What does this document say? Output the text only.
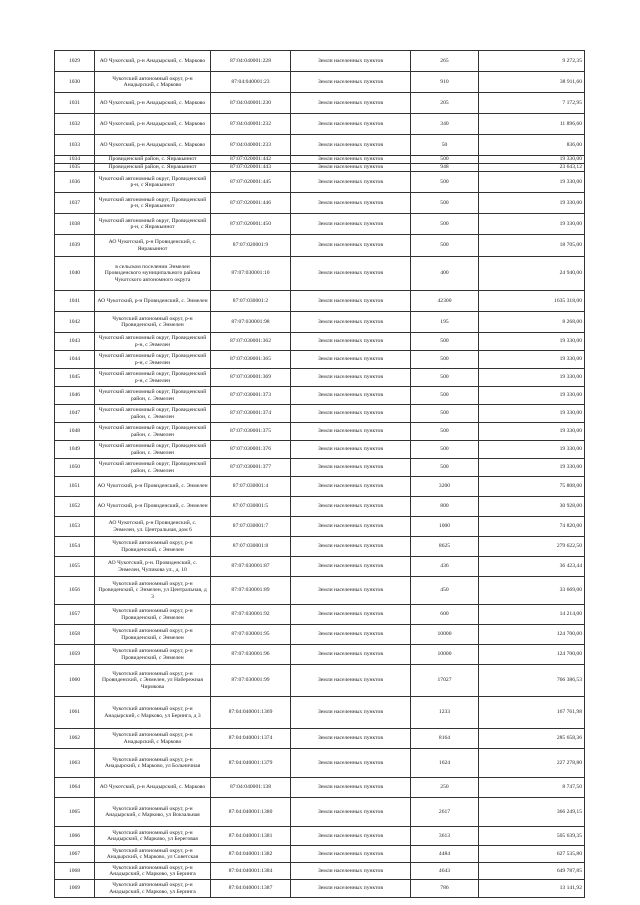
1029	АО Чукотский, р-н Анадырский, с. Марково	87:04:040001:228	Земли населенных пунктов	265	9 272,35
1030	Чукотский автономный округ, р-н Анадырский, с Марково	87:04:040001:23	Земли населенных пунктов	910	38 911,60
1031	АО Чукотский, р-н Анадырский, с. Марково	87:04:040001:230	Земли населенных пунктов	205	7 172,95
1032	АО Чукотский, р-н Анадырский, с. Марково	87:04:040001:232	Земли населенных пунктов	340	11 896,60
1033	АО Чукотский, р-н Анадырский, с. Марково	87:04:040001:233	Земли населенных пунктов	50	836,00
1034	Провиденский район, с. Янракыннот	87:07:020001:442	Земли населенных пунктов	500	19 330,00
1035	Провиденский район, с. Янракыннот	87:07:020001:443	Земли населенных пунктов	948	23 643,12
1036	Чукотский автономный округ, Провиденский р-н, с Янракыннот	87:07:020001:445	Земли населенных пунктов	500	19 330,00
1037	Чукотский автономный округ, Провиденский р-н, с Янракыннот	87:07:020001:446	Земли населенных пунктов	500	19 330,00
1038	Чукотский автономный округ, Провиденский р-н, с Янракыннот	87:07:020001:450	Земли населенных пунктов	500	19 330,00
1039	АО Чукотский, р-н Провиденский, с. Янракыннот	87:07:020001:9	Земли населенных пунктов	500	18 705,00
1040	в сельском поселении Энмелен Провиденского муниципального района Чукотского автономного округа	87:07:030001:10	Земли населенных пунктов	400	24 940,00
1041	АО Чукотский, р-н Провиденский, с. Энмелен	87:07:030001:2	Земли населенных пунктов	42300	1635 318,00
1042	Чукотский автономный округ, р-н Провиденский, с Энмелен	87:07:030001:98	Земли населенных пунктов	195	8 268,00
1043	Чукотский автономный округ, Провиденский р-н, с Энмелен	87:07:030001:362	Земли населенных пунктов	500	19 330,00
1044	Чукотский автономный округ, Провиденский р-н, с Энмелен	87:07:030001:365	Земли населенных пунктов	500	19 330,00
1045	Чукотский автономный округ, Провиденский р-н, с Энмелен	87:07:030001:369	Земли населенных пунктов	500	19 330,00
1046	Чукотский автономный округ, Провиденский район, с. Энмелен	87:07:030001:373	Земли населенных пунктов	500	19 330,00
1047	Чукотский автономный округ, Провиденский район, с. Энмелен	87:07:030001:374	Земли населенных пунктов	500	19 330,00
1048	Чукотский автономный округ, Провиденский район, с. Энмелен	87:07:030001:375	Земли населенных пунктов	500	19 330,00
1049	Чукотский автономный округ, Провиденский район, с. Энмелен	87:07:030001:376	Земли населенных пунктов	500	19 330,00
1050	Чукотский автономный округ, Провиденский район, с. Энмелен	87:07:030001:377	Земли населенных пунктов	500	19 330,00
1051	АО Чукотский, р-н Провиденский, с. Энмелен	87:07:030001:4	Земли населенных пунктов	3200	75 808,00
1052	АО Чукотский, р-н Провиденский, с. Энмелен	87:07:030001:5	Земли населенных пунктов	800	30 928,00
1053	АО Чукотский, р-н Провиденский, с. Энмелен, ул. Центральная, дом 6	87:07:030001:7	Земли населенных пунктов	1000	74 820,00
1054	Чукотский автономный округ, р-н Провиденский, с Энмелен	87:07:030001:8	Земли населенных пунктов	8625	279 622,50
1055	АО Чукотский, р-н. Провиденский, с. Энмелен, Чупикова ул., д. 10	87:07:030001:87	Земли населенных пунктов	436	36 423,44
1056	Чукотский автономный округ, р-н Провиденский, с Энмелен, ул Центральная, д 3	87:07:030001:89	Земли населенных пунктов	450	33 669,00
1057	Чукотский автономный округ, р-н Провиденский, с Энмелен	87:07:030001:92	Земли населенных пунктов	600	14 214,00
1058	Чукотский автономный округ, р-н Провиденский, с Энмелен	87:07:030001:95	Земли населенных пунктов	10000	124 700,00
1059	Чукотский автономный округ, р-н Провиденский, с Энмелен	87:07:030001:96	Земли населенных пунктов	10000	124 700,00
1060	Чукотский автономный округ, р-н Провиденский, с Энмелен, ул Набережная Чирмкова	87:07:030001:99	Земли населенных пунктов	17027	766 386,53
1061	Чукотский автономный округ, р-н Анадырский, с Марково, ул Беринга, д 3	87:04:040001:1369	Земли населенных пунктов	1233	167 761,98
1062	Чукотский автономный округ, р-н Анадырский, с Марково	87:04:040001:1374	Земли населенных пунктов	8164	285 658,36
1063	Чукотский автономный округ, р-н Анадырский, с Марково, ул Больничная	87:04:040001:1379	Земли населенных пунктов	1624	227 278,80
1064	АО Чукотский, р-н Анадырский, с. Марково	87:04:040001:138	Земли населенных пунктов	250	8 747,50
1065	Чукотский автономный округ, р-н Анадырский, с Марково, ул Вокзальная	87:04:040001:1380	Земли населенных пунктов	2617	366 249,15
1066	Чукотский автономный округ, р-н Анадырский, с Марково, ул Береговая	87:04:040001:1381	Земли населенных пунктов	3613	505 639,35
1067	Чукотский автономный округ, р-н Анадырский, с Марково, ул Советская	87:04:040001:1382	Земли населенных пунктов	4484	627 535,80
1068	Чукотский автономный округ, р-н Анадырский, с Марково, ул Беринга	87:04:040001:1384	Земли населенных пунктов	4643	649 787,85
1069	Чукотский автономный округ, р-н Анадырский, с Марково, ул Беринга	87:04:040001:1387	Земли населенных пунктов	786	13 141,92
